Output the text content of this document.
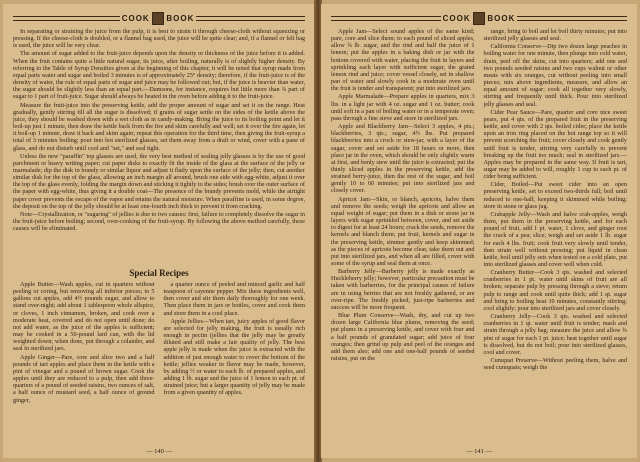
COOK BOOK

In separating or straining the juice from the pulp, it is best to strain it through cheese-cloth without squeezing or pressing. If the cheese-cloth is doubled, or a flannel bag used, the juice will be quite clear; and, if a flannel or felt bag is used, the juice will be very clear.

The amount of sugar added to the fruit-juice depends upon the density or thickness of the juice before it is added. When the fruit contains quite a little natural sugar, its juice, after boiling, naturally is of slightly higher density. By referring to the Table of Syrup Densities given at the beginning of this chapter, it will be noted that syrup made from equal parts water and sugar and boiled 3 minutes is of approximately 25° density; therefore, if the fruit-juice is of the density of water, the rule of equal parts of sugar and juice may be followed out; but, if the juice is heavier than water, the sugar should be slightly less than an equal part.—Damsons, for instance, requires but little more than ¾ part of sugar to 1 part of fruit-juice. Sugar should always be heated in the oven before adding it to the fruit-juice.

Measure the fruit-juice into the preserving kettle, add the proper amount of sugar and set it on the range. Heat gradually, gently stirring till all the sugar is dissolved; if grains of sugar settle on the sides of the kettle above the juice, they should be washed down with a wet cloth as in candy-making. Bring the juice to its boiling point and let it boil-up just 1 minute, then draw the kettle back from the fire and skim carefully and well; set it over the fire again, let it boil-up 1 minute, draw it back and skim again; repeat this operation for the third time, then giving the fruit-syrup a total of 3 minutes boiling; pour into hot sterilized glasses, set them away from a draft or wind, cover with a pane of glass, and do not disturb until cool and "set," and seal tight.

Unless the new "paraffin" top glasses are used, the very best method of sealing jelly glasses is by the use of good parchment or heavy writing paper; cut paper disks to exactly fit the inside of the glass at the surface of the jelly or marmalade; dip the disk in brandy or similar liquor and adjust it flatly upon the surface of the jelly; then, cut another similar disk for the top of the glass, allowing an inch margin all around, brush one side with egg-white, adjust it over the top of the glass evenly, folding the margin down and sticking it tightly to the sides; brush over the outer surface of the paper with egg-white, thus giving it a double coat—The presence of the brandy prevents mold, while the airtight paper cover prevents the escape of the vapor and retains the natural moisture. When paraffine is used, in some degree, the deposit on the top of the jelly should be at least one-fourth inch thick to prevent it from cracking.

Note—Crystallization, or "sugaring" of jellies is due to two causes: first, failure to completely dissolve the sugar in the fruit-juice before boiling; second, over-cooking of the fruit-syrup. By following the above method carefully, these causes will be eliminated.

Special Recipes

Apple Butter—Wash apples, cut in quarters without peeling or coring, but removing all inferior pieces; to 5 gallons cut apples, add 4½ pounds sugar, and allow to stand over-night; add about 1 tablespoon whole allspice, or cloves, 1 inch cinnamon, broken, and cook over a moderate heat, covered and do not open until done; do not add water, as the juice of the apples is sufficient; may be cooked in a 50-pound lard can, with the lid weighted down; when done, put through a colander, and seal in sterilized jars.

Apple Ginger—Pare, core and slice two and a half pounds of tart apples and place them in the kettle with a pint of vinegar and a pound of brown sugar. Cook the apples until they are reduced to a pulp, then add three-quarters of a pound of seeded raisins, two ounces of salt, a half ounce of mustard seed, a half ounce of ground ginger,

a quarter ounce of peeled and minced garlic and half teaspoon of cayenne pepper. Mix these ingredients well, then cover and stir them daily thoroughly for one week. Then place them in jars or bottles, cover and cook them and store them in a cool place.

Apple Jellies—When tart, juicy apples of good flavor are selected for jelly making, the fruit is usually rich enough in pectin (jellies that the jelly may be greatly diluted and still make a fair quality of jelly. The best apple jelly is made when the juice is extracted with the addition of just enough water to cover the bottom of the kettle; jellies weaker in flavor may be made, however, by adding ½ or water to each lb. of prepared apples, and adding 1 lb. sugar and the juice of 1 lemon to each pt. of strained juice; but a larger quantity of jelly may be made from a given quantity of apples.

— 140 —
COOK BOOK

Apple Jam—Select sound apples of the same kind; pare, core and slice them; to each pound of sliced apples, allow ¾ lb. sugar, and the rind and half the juice of 1 lemon; put the apples in a baking dish or jar with the bottom covered with water, placing the fruit in layers and sprinkling each layer with sufficient sugar, the grated lemon rind and juice; cover vessel closely, set in shallow pan of water and slowly cook in a moderate oven until the fruit is tender and transparent; put into sterilized jars.

Apple Marmalade—Prepare apples in quarters, mix 3 lbs. in a light jar with 4 oz. sugar and 1 oz. butter; cook until soft in a pan of boiling water or in a temperate oven; pass through a fine sieve and store in sterilized jars.

Apple and Blackberry Jam—Select 3 apples, 4 pts.; blackberries, 3 qts.; sugar, 4½ lbs. Put prepared blackberries into a crock or stew-jar, with a layer of the sugar, cover and set aside for 18 hours or more, then place jar in the oven, which should be only slightly warm at first, and benly stew until the juice is extracted; put the thinly sliced apples in the preserving kettle, add the strained berry-juice, then the rest of the sugar, and boil gently 10 to 60 minutes; put into sterilized jars and closely cover.

Apricot Jam—Skin, or blanch, apricots, halve them and remove the seeds; weigh the apricots and allow an equal weight of sugar; put them in a dish or stone jar in layers with sugar sprinkled between, cover, and set aside to digest for at least 24 hours; crack the seeds, remove the kernels and blanch them; put fruit, kernels and sugar in the preserving kettle, simmer gently and keep skimmed; as the pieces of apricots become clear, take them out and put into sterilized jars, and when all are filled, cover with some of the syrup and seal them at once.

Barberry Jelly—Barberry jelly is made exactly as Huckleberry jelly; however, particular precaution must be taken with barberries, for the principal causes of failure are in using berries that are not freshly gathered, or are over-ripe. The freshly picked, just-ripe barberries and success will be more frequent.

Blue Plum Conserve—Wash, dry, and cut up two dozen large California blue plums, removing the seed; put plums in a preserving kettle, and cover with four and a half pounds of granulated sugar; add juice of four oranges; then grind up pulp and peel of the oranges and add them also; add one and one-half pounds of seeded raisins, put on the

range, bring to boil and let boil thirty minutes; put into sterilized jelly glasses and seal.

California Conserve—Dip two dozen large peaches in boiling water for one minute, then plunge into cold water, drain, peel off the skins, cut into quarters; add one and two pounds seeded raisins and two cups walnut or other meats with six oranges, cut without peeling into small pieces; mix above ingredients, measure, and allow an equal amount of sugar; cook all together very slowly, stirring and frequently until thick. Pour into sterilized jelly glasses and seal.

Cider Pear Sauce—Pare, quarter and core nice sweet pears, put 4 qts. of the prepared fruit in the preserving kettle, and cover with 2 qts. boiled cider; place the kettle upon an iron ring placed on the hot range top so it will prevent scorching the fruit; cover closely and cook gently until fruit is tender, stirring very carefully to prevent breaking up the fruit too much; seal in sterilized jars.—Apples may be prepared in the same way. If fruit is tart, sugar may be added to will, roughly 1 cup to each pt. of cider being sufficient.

Cider, Boiled—Put sweet cider into an open preserving kettle, set to exceed two-thirds full; boil until reduced to one-half, keeping it skimmed while boiling; store in stone or glass jug.

Crabapple Jelly—Wash and halve crab-apples, weigh them, put them in the preserving kettle, and for each pound of fruit, add 1 pt. water, 1 clove, and ginger root the crack of a pea; slice; weigh and set aside 1 lb. sugar for each 4 lbs. fruit; cook fruit very slowly until tender, then strain well without pressing; put liquid in clean kettle, boil until jelly sets when tested on a cold plate, put into sterilized glasses and cover well when cold.

Cranberry Butter—Cook 3 qts. washed and selected cranberries in 1 pt. water until skins of fruit are all broken; separate pulp by pressing through a sieve; return pulp to range and cook until quite thick; add 1 qt. sugar and bring to boiling heat 10 minutes, constantly stirring; cool slightly; pour into sterilized jars and cover closely.

Cranberry Jelly—Cook 3 qts. washed and selected cranberries in 1 qt. water until fruit is tender; mash and strain through a jelly bag; measure the juice and allow ¾ pint of sugar for each 1 pt. juice; heat together until sugar is dissolved, but do not boil; pour into sterilized glasses, cool and cover.

Cumquat Preserve—Without peeling them, halve and seed cumquats; weigh the

— 141 —
